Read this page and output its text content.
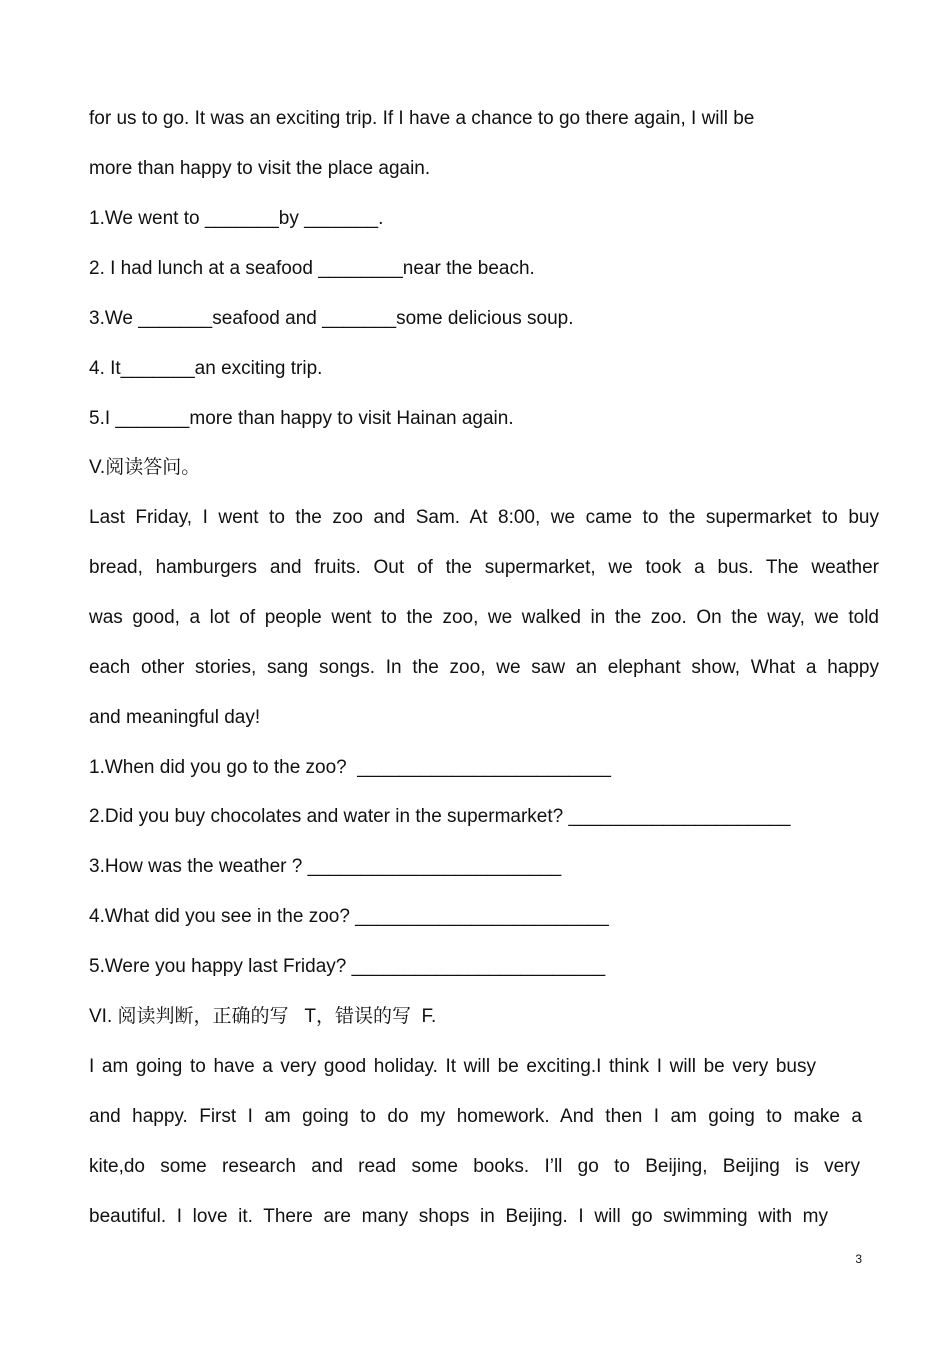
for us to go. It was an exciting trip. If I have a chance to go there again, I will be
more than happy to visit the place again.
1.We went to _______by _______.
2. I had lunch at a seafood ________near the beach.
3.We _______seafood and _______some delicious soup.
4. It_______an exciting trip.
5.I _______more than happy to visit Hainan again.
V.阅读答问。
Last Friday, I went to the zoo and Sam. At 8:00, we came to the supermarket to buy
bread, hamburgers and fruits. Out of the supermarket, we took a bus. The weather
was good, a lot of people went to the zoo, we walked in the zoo. On the way, we told
each other stories, sang songs. In the zoo, we saw an elephant show, What a happy
and meaningful day!
1.When did you go to the zoo?  ________________________
2.Did you buy chocolates and water in the supermarket? _____________________
3.How was the weather ? ________________________
4.What did you see in the zoo? ________________________
5.Were you happy last Friday? ________________________
VI. 阅读判断，正确的写   T，错误的写  F.
I am going to have a very good holiday. It will be exciting.I think I will be very busy
and happy. First I am going to do my homework. And then I am going to make a
kite,do some research and read some books. I’ll go to Beijing, Beijing is very
beautiful. I love it. There are many shops in Beijing. I will go swimming with my
3
